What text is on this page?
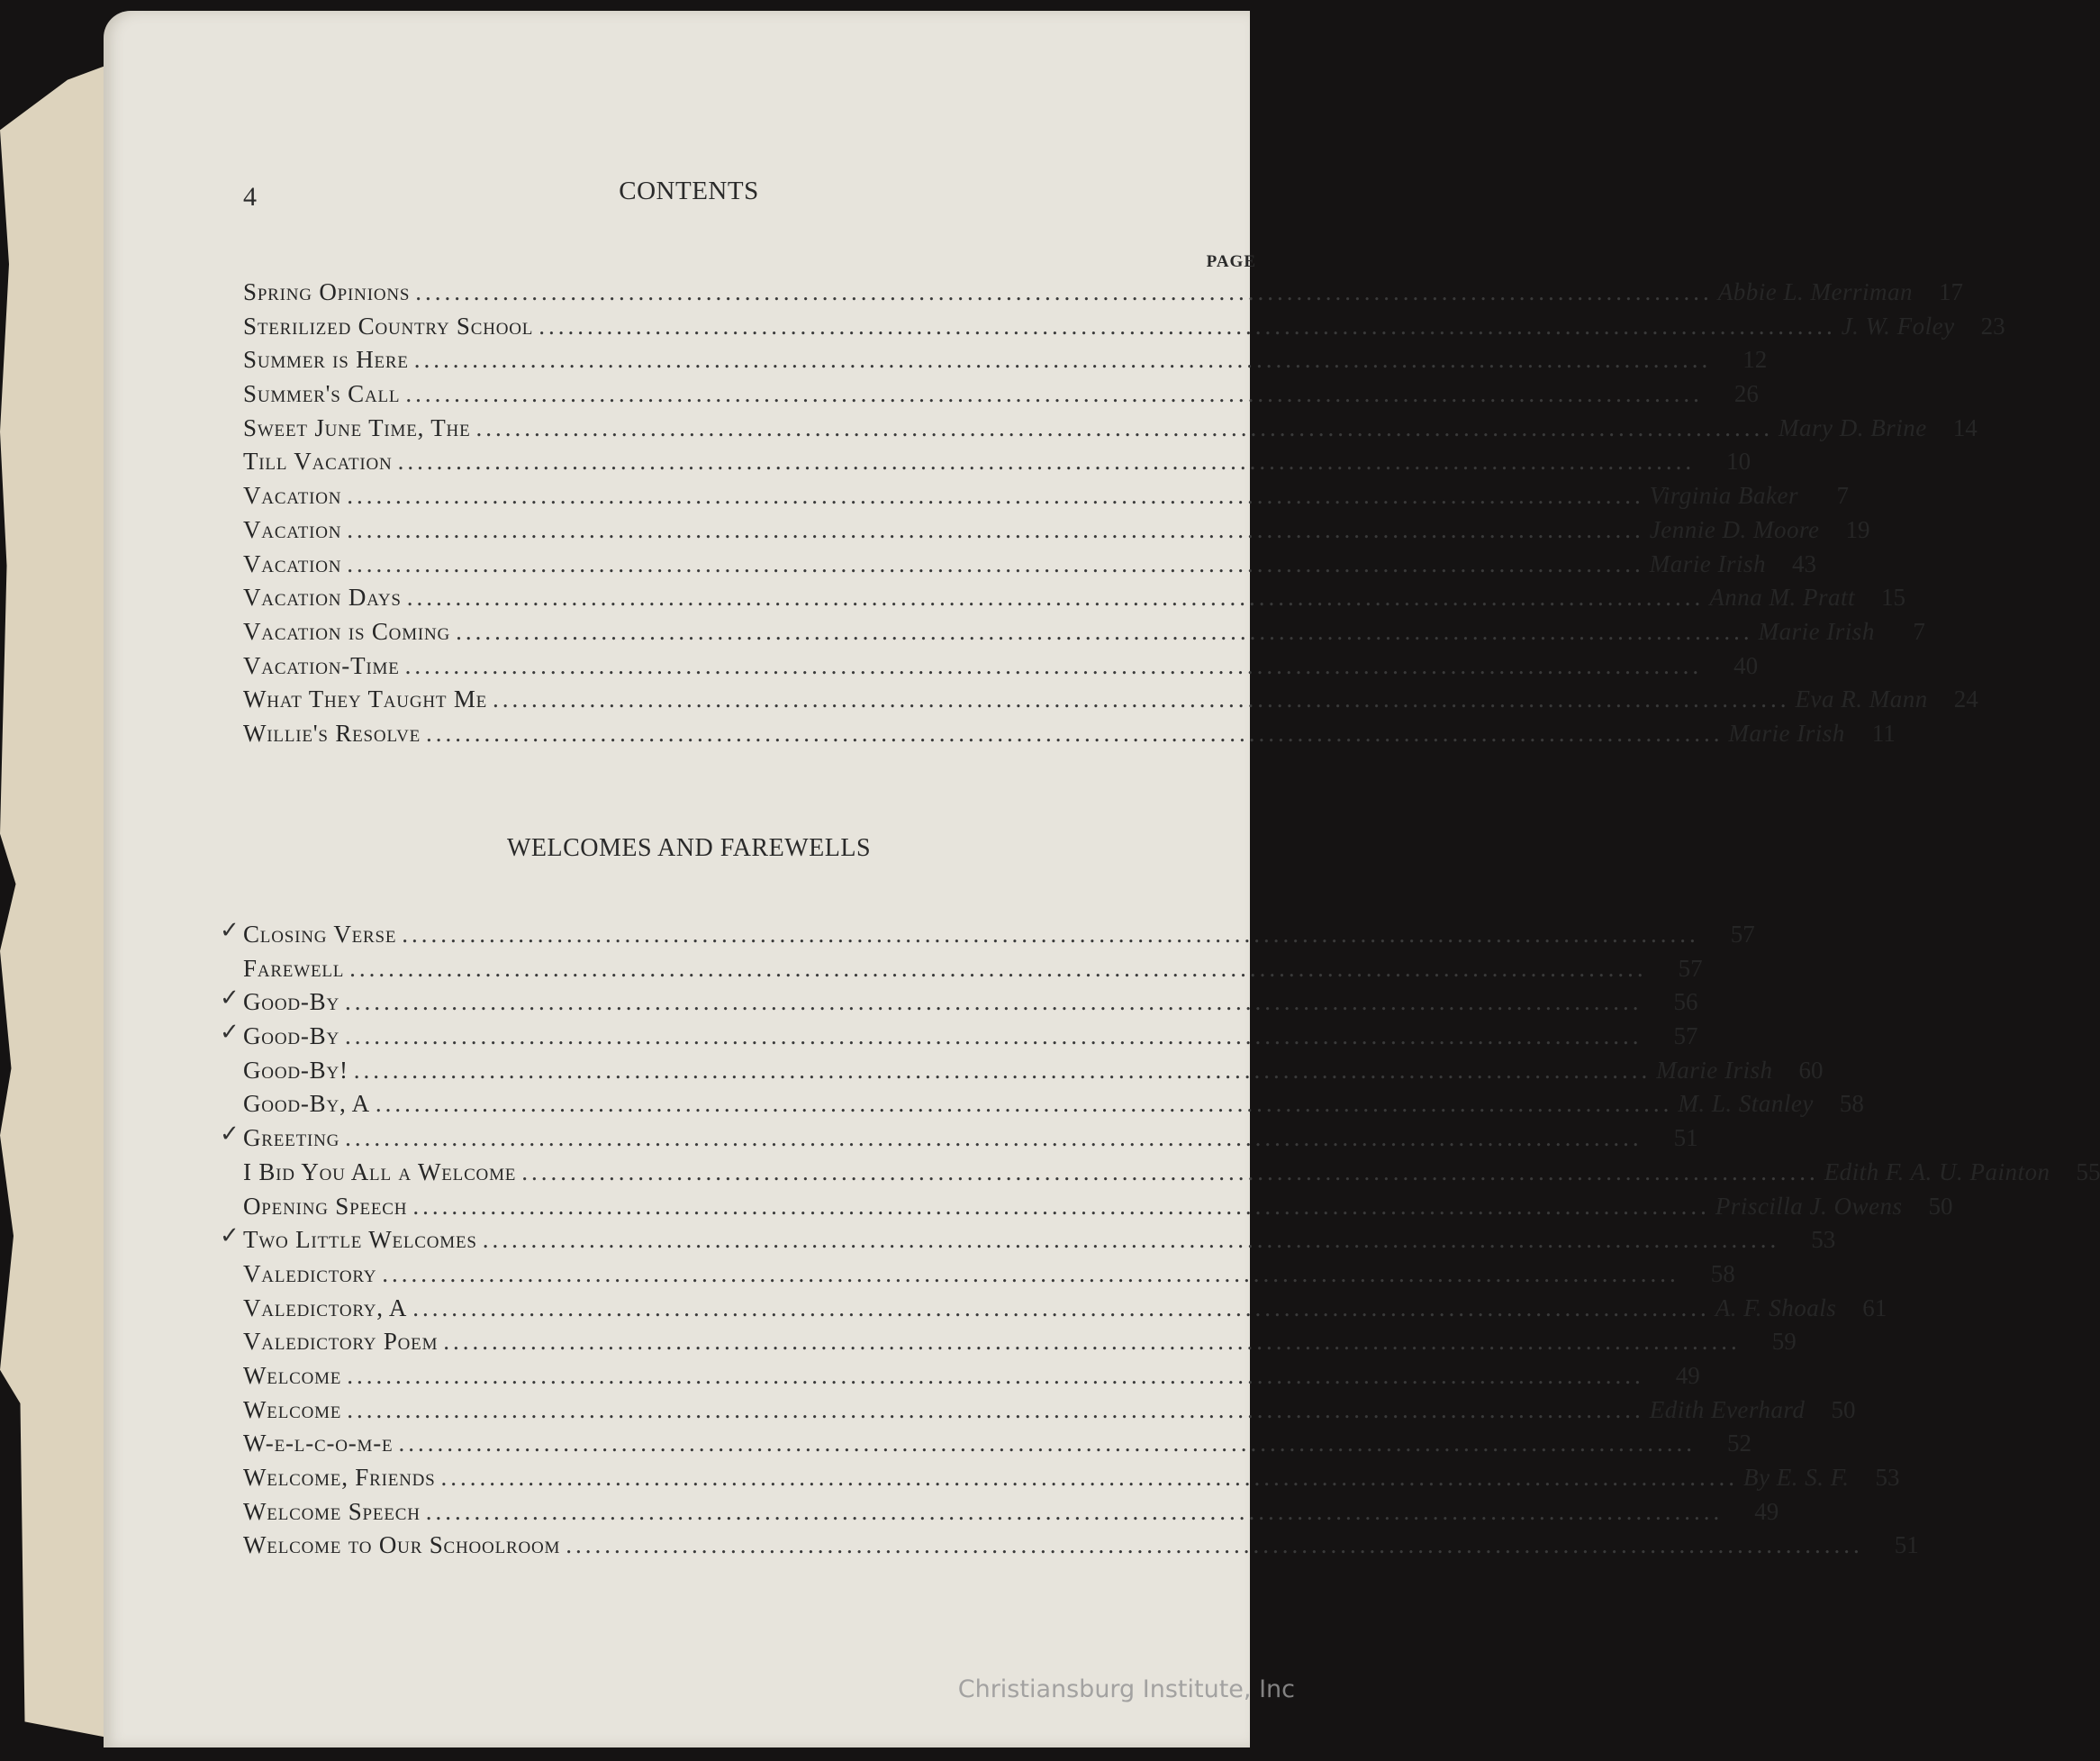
4	CONTENTS
PAGE
Spring Opinions .....	Abbie L. Merriman	17
Sterilized Country School .....	J. W. Foley	23
Summer is Here .....	12
Summer's Call .....	26
Sweet June Time, The .....	Mary D. Brine	14
Till Vacation .....	10
Vacation .....	Virginia Baker	7
Vacation .....	Jennie D. Moore	19
Vacation .....	Marie Irish	43
Vacation Days .....	Anna M. Pratt	15
Vacation is Coming .....	Marie Irish	7
Vacation-Time .....	40
What They Taught Me .....	Eva R. Mann	24
Willie's Resolve .....	Marie Irish	11
WELCOMES AND FAREWELLS
✓ Closing Verse .....	57
Farewell .....	57
✓ Good-By .....	56
✓ Good-By .....	57
Good-By! .....	Marie Irish	60
Good-By, A .....	M. L. Stanley	58
✓ Greeting .....	51
I Bid You All a Welcome .....	Edith F. A. U. Painton	55
Opening Speech .....	Priscilla J. Owens	50
✓ Two Little Welcomes .....	53
Valedictory .....	58
Valedictory, A .....	A. F. Shoals	61
Valedictory Poem .....	59
Welcome .....	49
Welcome .....	Edith Everhard	50
W-e-l-c-o-m-e .....	52
Welcome, Friends .....	By E. S. F.	53
Welcome Speech .....	49
Welcome to Our Schoolroom .....	51
Christiansburg Institute, Inc
